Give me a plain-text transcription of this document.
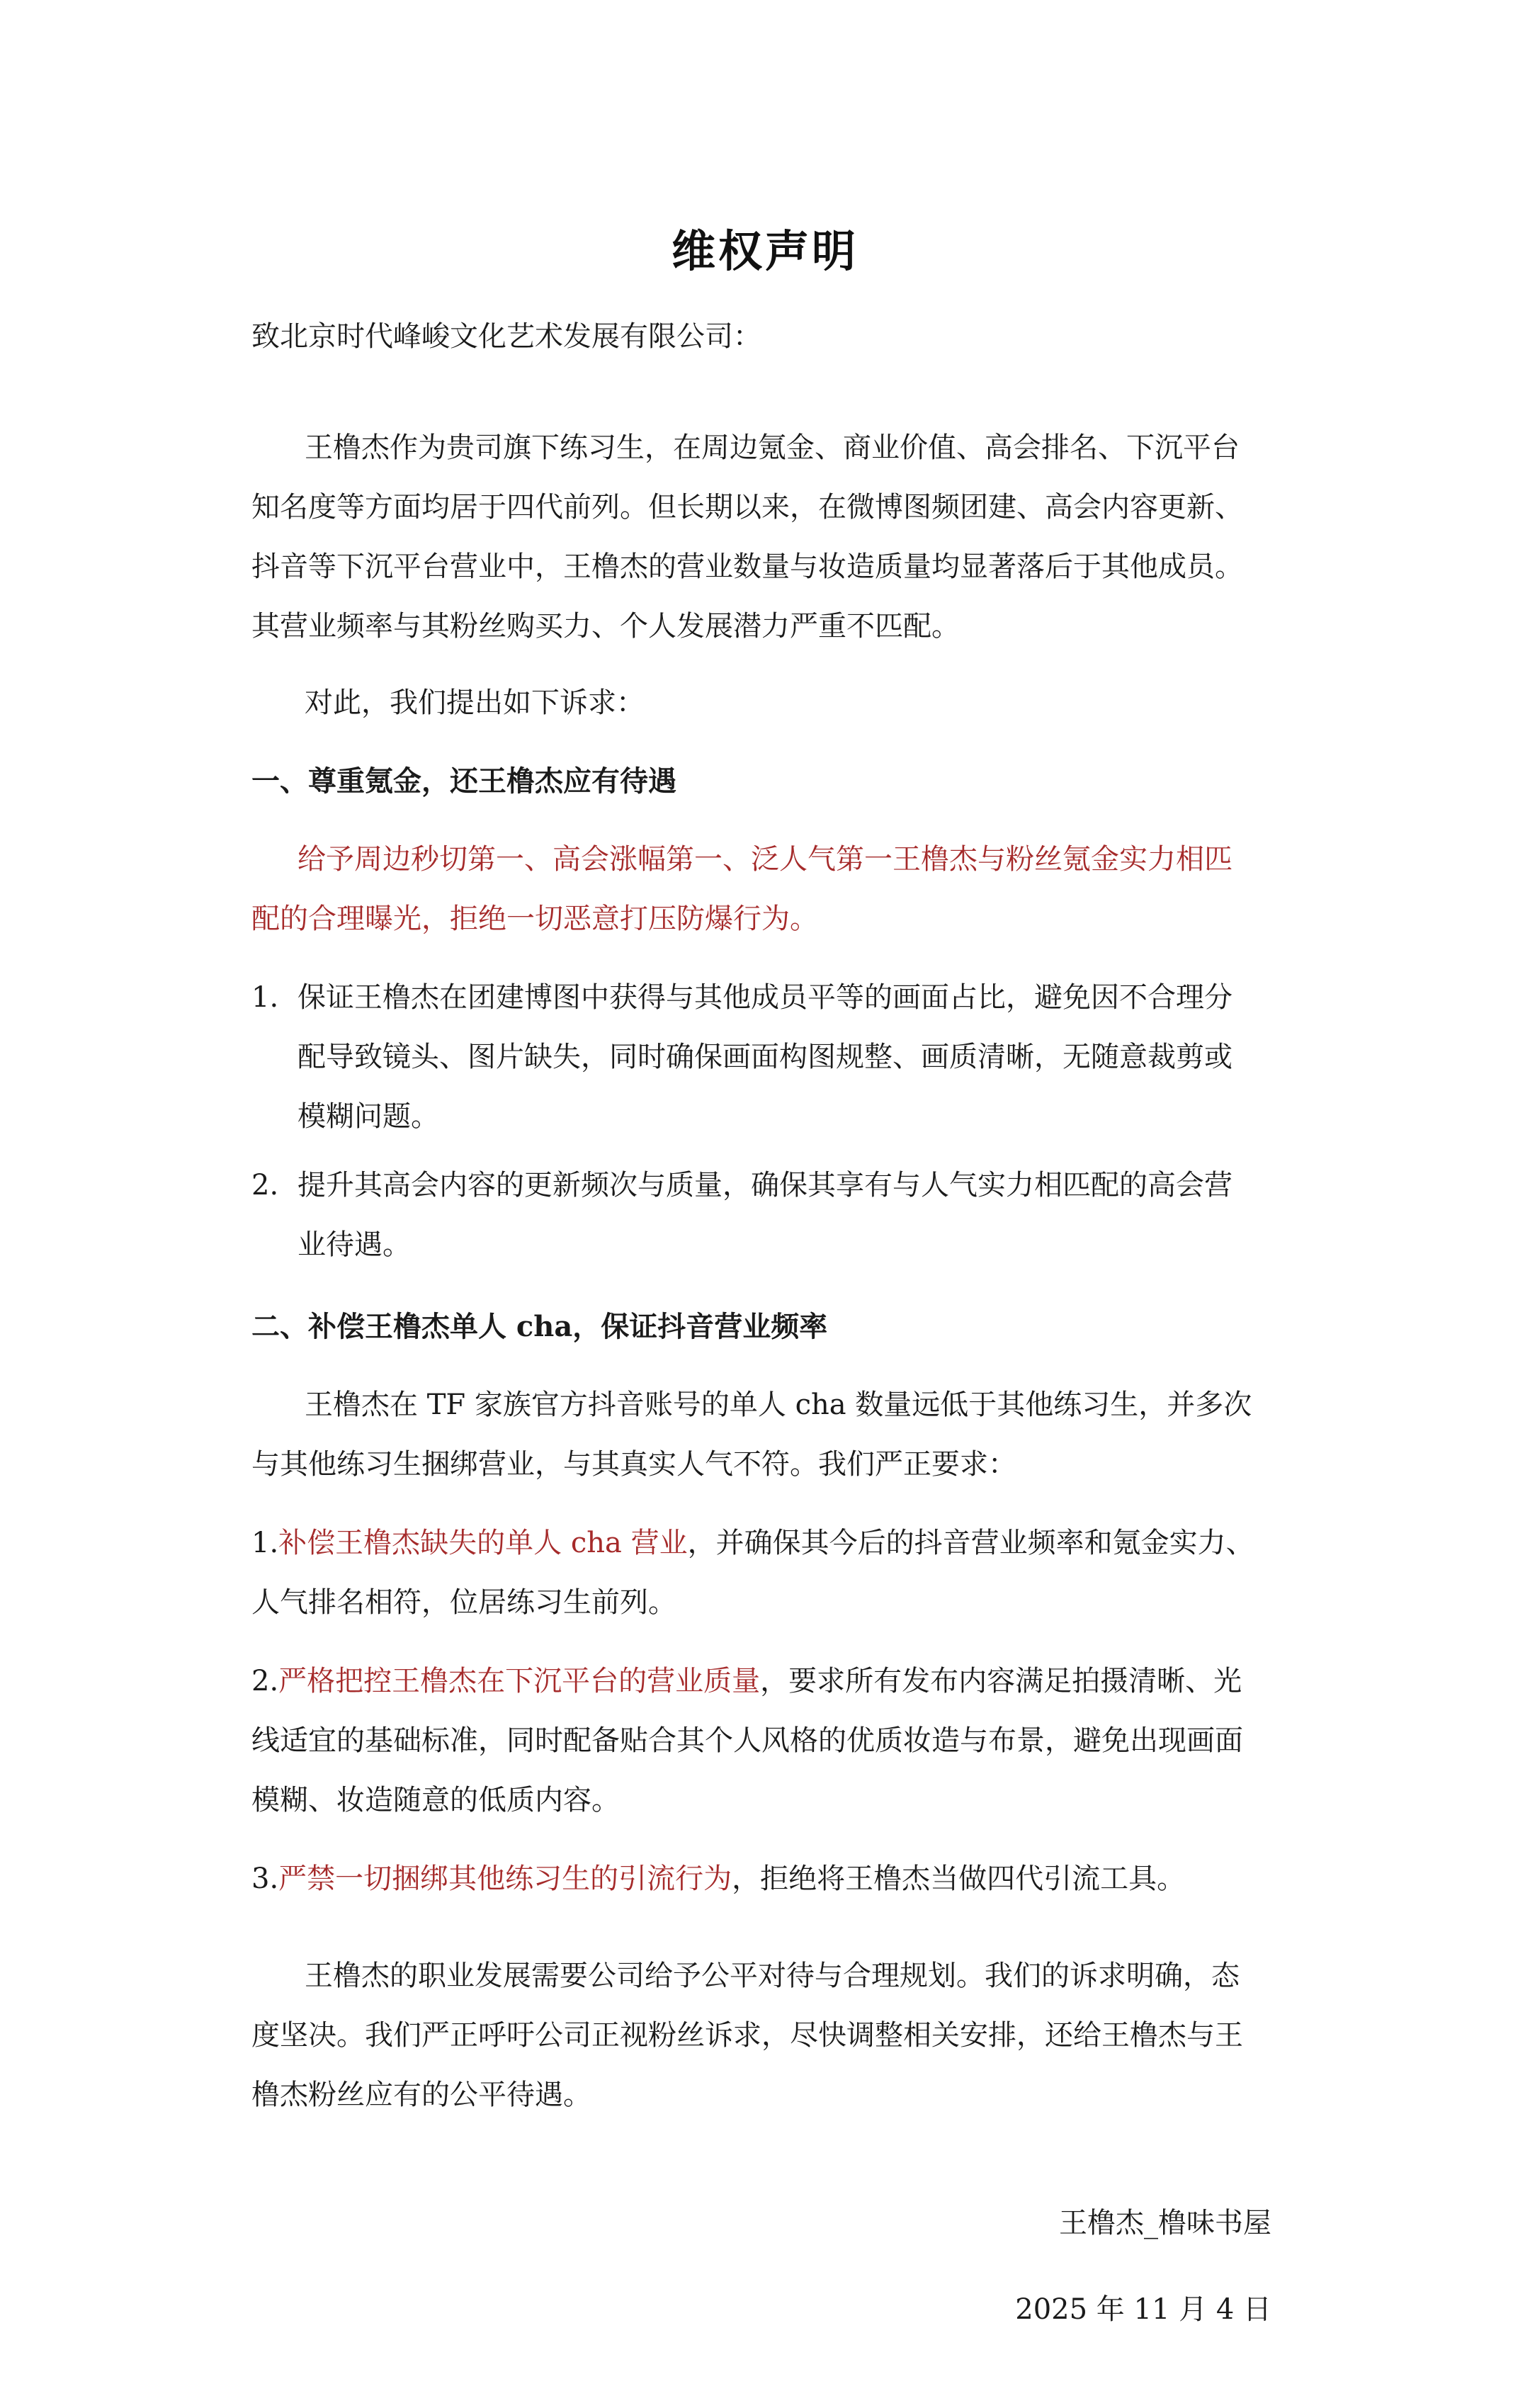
维权声明
致北京时代峰峻文化艺术发展有限公司：
王橹杰作为贵司旗下练习生，在周边氪金、商业价值、高会排名、下沉平台
知名度等方面均居于四代前列。但长期以来，在微博图频团建、高会内容更新、
抖音等下沉平台营业中，王橹杰的营业数量与妆造质量均显著落后于其他成员。
其营业频率与其粉丝购买力、个人发展潜力严重不匹配。
对此，我们提出如下诉求：
一、尊重氪金，还王橹杰应有待遇
给予周边秒切第一、高会涨幅第一、泛人气第一王橹杰与粉丝氪金实力相匹
配的合理曝光，拒绝一切恶意打压防爆行为。
1. 保证王橹杰在团建博图中获得与其他成员平等的画面占比，避免因不合理分
配导致镜头、图片缺失，同时确保画面构图规整、画质清晰，无随意裁剪或
模糊问题。
2. 提升其高会内容的更新频次与质量，确保其享有与人气实力相匹配的高会营
业待遇。
二、补偿王橹杰单人 cha，保证抖音营业频率
王橹杰在 TF 家族官方抖音账号的单人 cha 数量远低于其他练习生，并多次
与其他练习生捆绑营业，与其真实人气不符。我们严正要求：
1.补偿王橹杰缺失的单人 cha 营业，并确保其今后的抖音营业频率和氪金实力、
人气排名相符，位居练习生前列。
2.严格把控王橹杰在下沉平台的营业质量，要求所有发布内容满足拍摄清晰、光
线适宜的基础标准，同时配备贴合其个人风格的优质妆造与布景，避免出现画面
模糊、妆造随意的低质内容。
3.严禁一切捆绑其他练习生的引流行为，拒绝将王橹杰当做四代引流工具。
王橹杰的职业发展需要公司给予公平对待与合理规划。我们的诉求明确，态
度坚决。我们严正呼吁公司正视粉丝诉求，尽快调整相关安排，还给王橹杰与王
橹杰粉丝应有的公平待遇。
王橹杰_橹味书屋
2025 年 11 月 4 日
